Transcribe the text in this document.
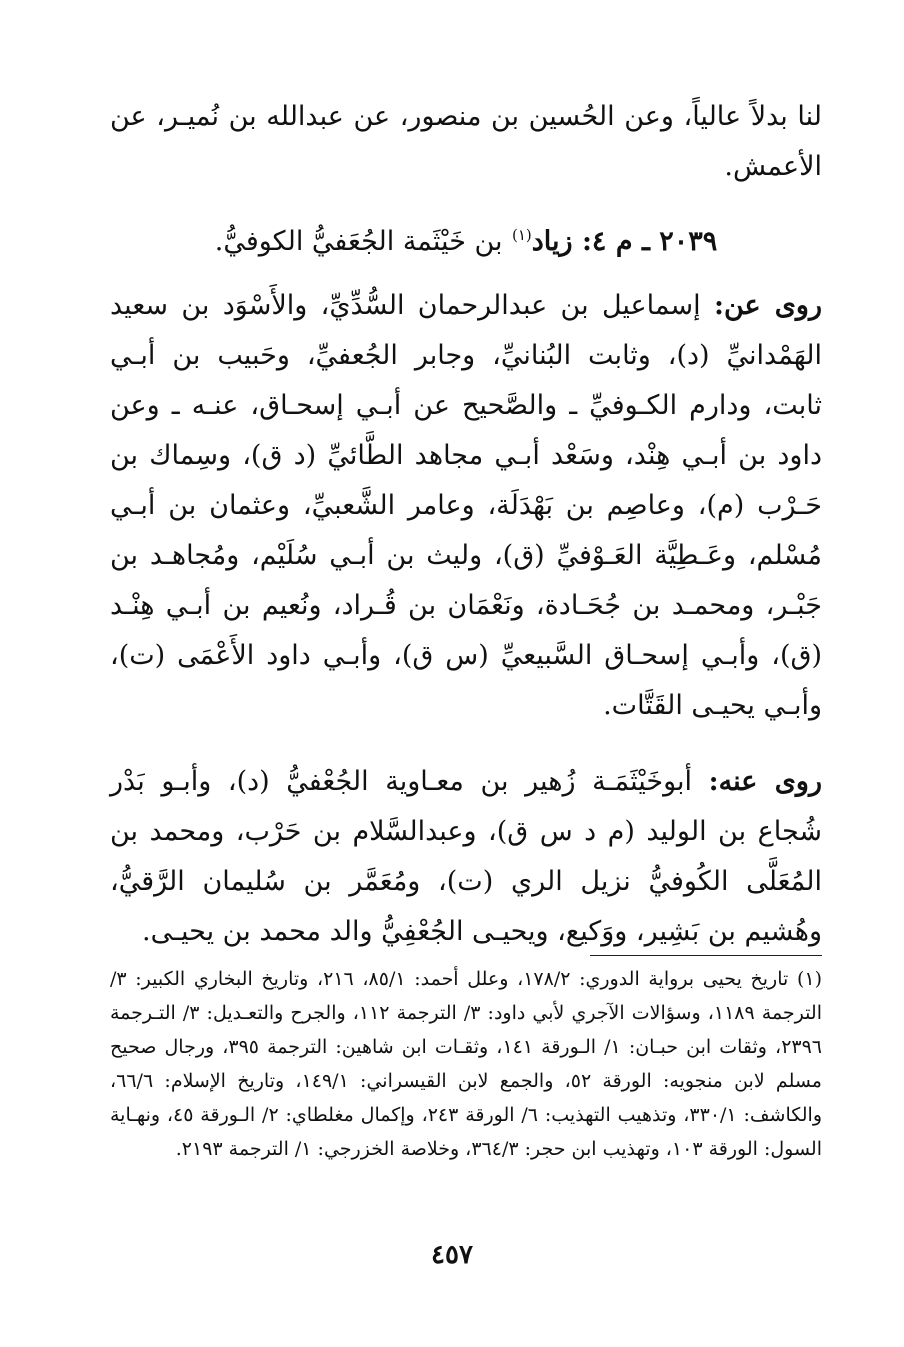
لنا بدلاً عالياً، وعن الحُسين بن منصور، عن عبدالله بن نُميـر، عن الأعمش.

٢٠٣٩ ـ م ٤: زياد$^{(١)}$ بن خَيْثَمة الجُعَفيُّ الكوفيُّ.

روى عن: إسماعيل بن عبدالرحمان السُّدِّيِّ، والأَسْوَد بن سعيد الهَمْدانيِّ (د)، وثابت البُنانيِّ، وجابر الجُعفيِّ، وحَبيب بن أبـي ثابت، ودارم الكـوفيِّ ـ والصَّحيح عن أبـي إسحـاق، عنـه ـ وعن داود بن أبـي هِنْد، وسَعْد أبـي مجاهد الطَّائيِّ (د ق)، وسِماك بن حَـرْب (م)، وعاصِم بن بَهْدَلَة، وعامر الشَّعبيِّ، وعثمان بن أبـي مُسْلم، وعَـطِيَّة العَـوْفيِّ (ق)، وليث بن أبـي سُلَيْم، ومُجاهـد بن جَبْـر، ومحمـد بن جُحَـادة، ونَعْمَان بن قُـراد، ونُعيم بن أبـي هِنْـد (ق)، وأبـي إسحـاق السَّبيعيِّ (س ق)، وأبـي داود الأَعْمَى (ت)، وأبـي يحيـى القَتَّات.

روى عنه: أبوخَيْثَمَـة زُهير بن معـاوية الجُعْفيُّ (د)، وأبـو بَدْر شُجاع بن الوليد (م د س ق)، وعبدالسَّلام بن حَرْب، ومحمد بن المُعَلَّى الكُوفيُّ نزيل الري (ت)، ومُعَمَّر بن سُليمان الرَّقيُّ، وهُشيم بن بَشِير، ووَكيع، ويحيـى الجُعْفِيُّ والد محمد بن يحيـى.

(١) تاريخ يحيى برواية الدوري: ١٧٨/٢، وعلل أحمد: ٨٥/١، ٢١٦، وتاريخ البخاري الكبير: ٣/ الترجمة ١١٨٩، وسؤالات الآجري لأبي داود: ٣/ الترجمة ١١٢، والجرح والتعـديل: ٣/ التـرجمة ٢٣٩٦، وثقات ابن حبـان: ١/ الـورقة ١٤١، وثقـات ابن شاهين: الترجمة ٣٩٥، ورجال صحيح مسلم لابن منجويه: الورقة ٥٢، والجمع لابن القيسراني: ١٤٩/١، وتاريخ الإسلام: ٦٦/٦، والكاشف: ٣٣٠/١، وتذهيب التهذيب: ٦/ الورقة ٢٤٣، وإكمال مغلطاي: ٢/ الـورقة ٤٥، ونهـاية السول: الورقة ١٠٣، وتهذيب ابن حجر: ٣٦٤/٣، وخلاصة الخزرجي: ١/ الترجمة ٢١٩٣.
٤٥٧
